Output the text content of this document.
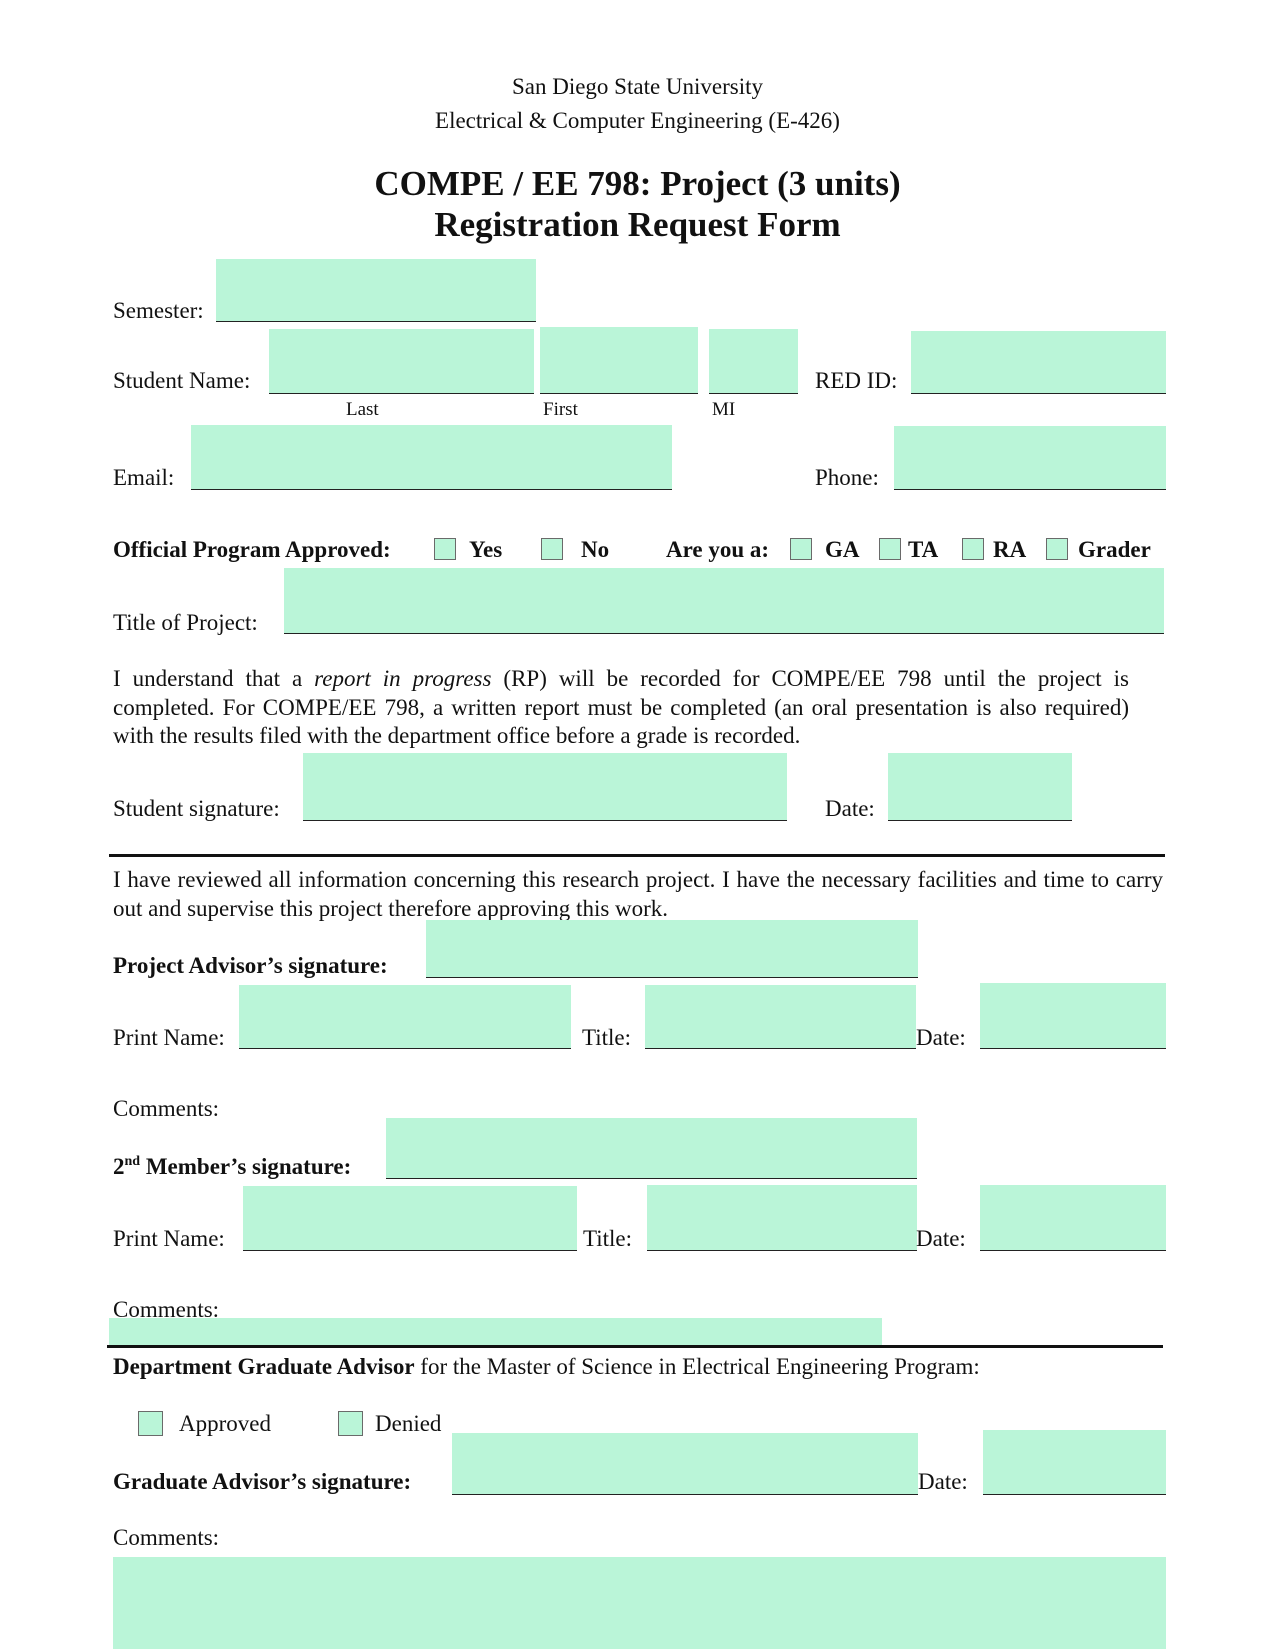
San Diego State University
Electrical & Computer Engineering (E-426)
COMPE / EE 798: Project (3 units)
Registration Request Form
Semester:
Student Name:
Last	First	MI
RED ID:
Email:	Phone:
Official Program Approved:	Yes	No Are you a: GA TA RA Grader
Title of Project:
I understand that a report in progress (RP) will be recorded for COMPE/EE 798 until the project is completed. For COMPE/EE 798, a written report must be completed (an oral presentation is also required) with the results filed with the department office before a grade is recorded.
Student signature:	Date:
I have reviewed all information concerning this research project. I have the necessary facilities and time to carry out and supervise this project therefore approving this work.
Project Advisor’s signature:
Print Name:	Title:	Date:
Comments:
2nd Member’s signature:
Print Name:	Title:	Date:
Comments:
Department Graduate Advisor for the Master of Science in Electrical Engineering Program:
Approved	Denied
Graduate Advisor’s signature:	Date:
Comments:
